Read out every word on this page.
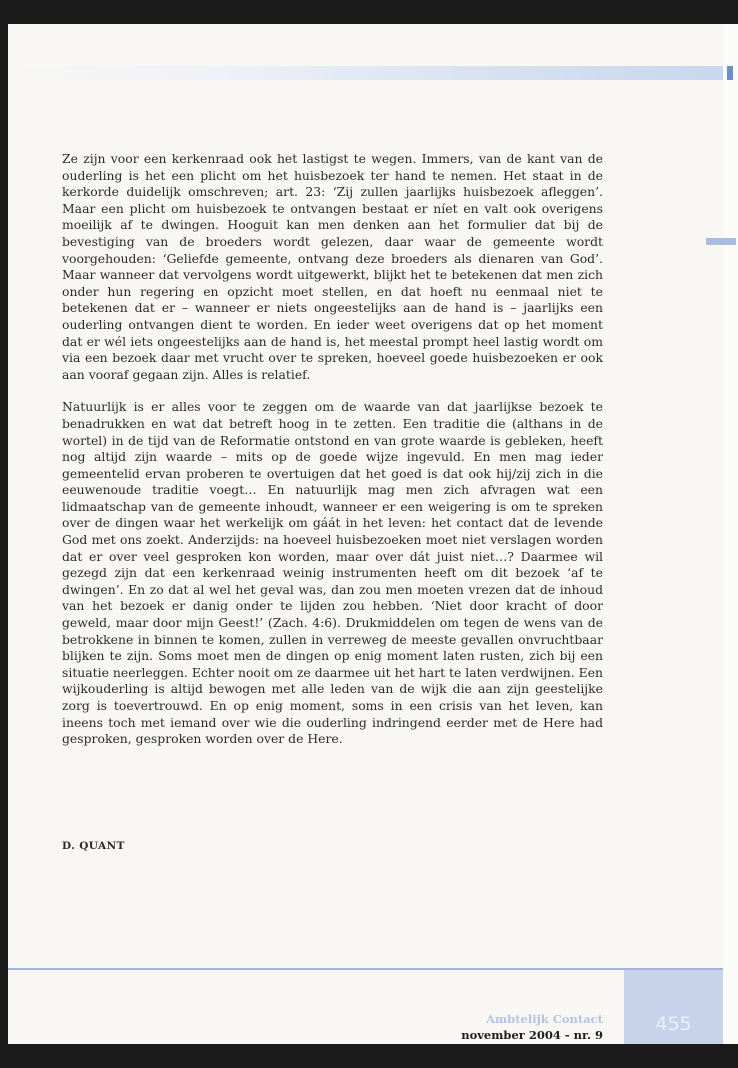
Ze zijn voor een kerkenraad ook het lastigst te wegen. Immers, van de kant van de ouderling is het een plicht om het huisbezoek ter hand te nemen. Het staat in de kerkorde duidelijk omschreven; art. 23: ‘Zij zullen jaarlijks huisbezoek afleggen’. Maar een plicht om huisbezoek te ontvangen bestaat er níet en valt ook overigens moeilijk af te dwingen. Hooguit kan men denken aan het formulier dat bij de bevestiging van de broeders wordt gelezen, daar waar de gemeente wordt voorgehouden: ‘Geliefde gemeente, ontvang deze broeders als dienaren van God’. Maar wanneer dat vervolgens wordt uitgewerkt, blijkt het te betekenen dat men zich onder hun regering en opzicht moet stellen, en dat hoeft nu eenmaal niet te betekenen dat er – wanneer er niets ongeestelijks aan de hand is – jaarlijks een ouderling ontvangen dient te worden. En ieder weet overigens dat op het moment dat er wél iets ongeestelijks aan de hand is, het meestal prompt heel lastig wordt om via een bezoek daar met vrucht over te spreken, hoeveel goede huisbezoeken er ook aan vooraf gegaan zijn. Alles is relatief.

Natuurlijk is er alles voor te zeggen om de waarde van dat jaarlijkse bezoek te benadrukken en wat dat betreft hoog in te zetten. Een traditie die (althans in de wortel) in de tijd van de Reformatie ontstond en van grote waarde is gebleken, heeft nog altijd zijn waarde – mits op de goede wijze ingevuld. En men mag ieder gemeentelid ervan proberen te overtuigen dat het goed is dat ook hij/zij zich in die eeuwenoude traditie voegt… En natuurlijk mag men zich afvragen wat een lidmaatschap van de gemeente inhoudt, wanneer er een weigering is om te spreken over de dingen waar het werkelijk om gáát in het leven: het contact dat de levende God met ons zoekt. Anderzijds: na hoeveel huisbezoeken moet niet verslagen worden dat er over veel gesproken kon worden, maar over dát juist niet…? Daarmee wil gezegd zijn dat een kerkenraad weinig instrumenten heeft om dit bezoek ‘af te dwingen’. En zo dat al wel het geval was, dan zou men moeten vrezen dat de inhoud van het bezoek er danig onder te lijden zou hebben. ‘Niet door kracht of door geweld, maar door mijn Geest!’ (Zach. 4:6). Drukmiddelen om tegen de wens van de betrokkene in binnen te komen, zullen in verreweg de meeste gevallen onvruchtbaar blijken te zijn. Soms moet men de dingen op enig moment laten rusten, zich bij een situatie neerleggen. Echter nooit om ze daarmee uit het hart te laten verdwijnen. Een wijkouderling is altijd bewogen met alle leden van de wijk die aan zijn geestelijke zorg is toevertrouwd. En op enig moment, soms in een crisis van het leven, kan ineens toch met iemand over wie die ouderling indringend eerder met de Here had gesproken, gesproken worden over de Here.

D. QUANT
Ambtelijk Contact
november 2004 - nr. 9	455
